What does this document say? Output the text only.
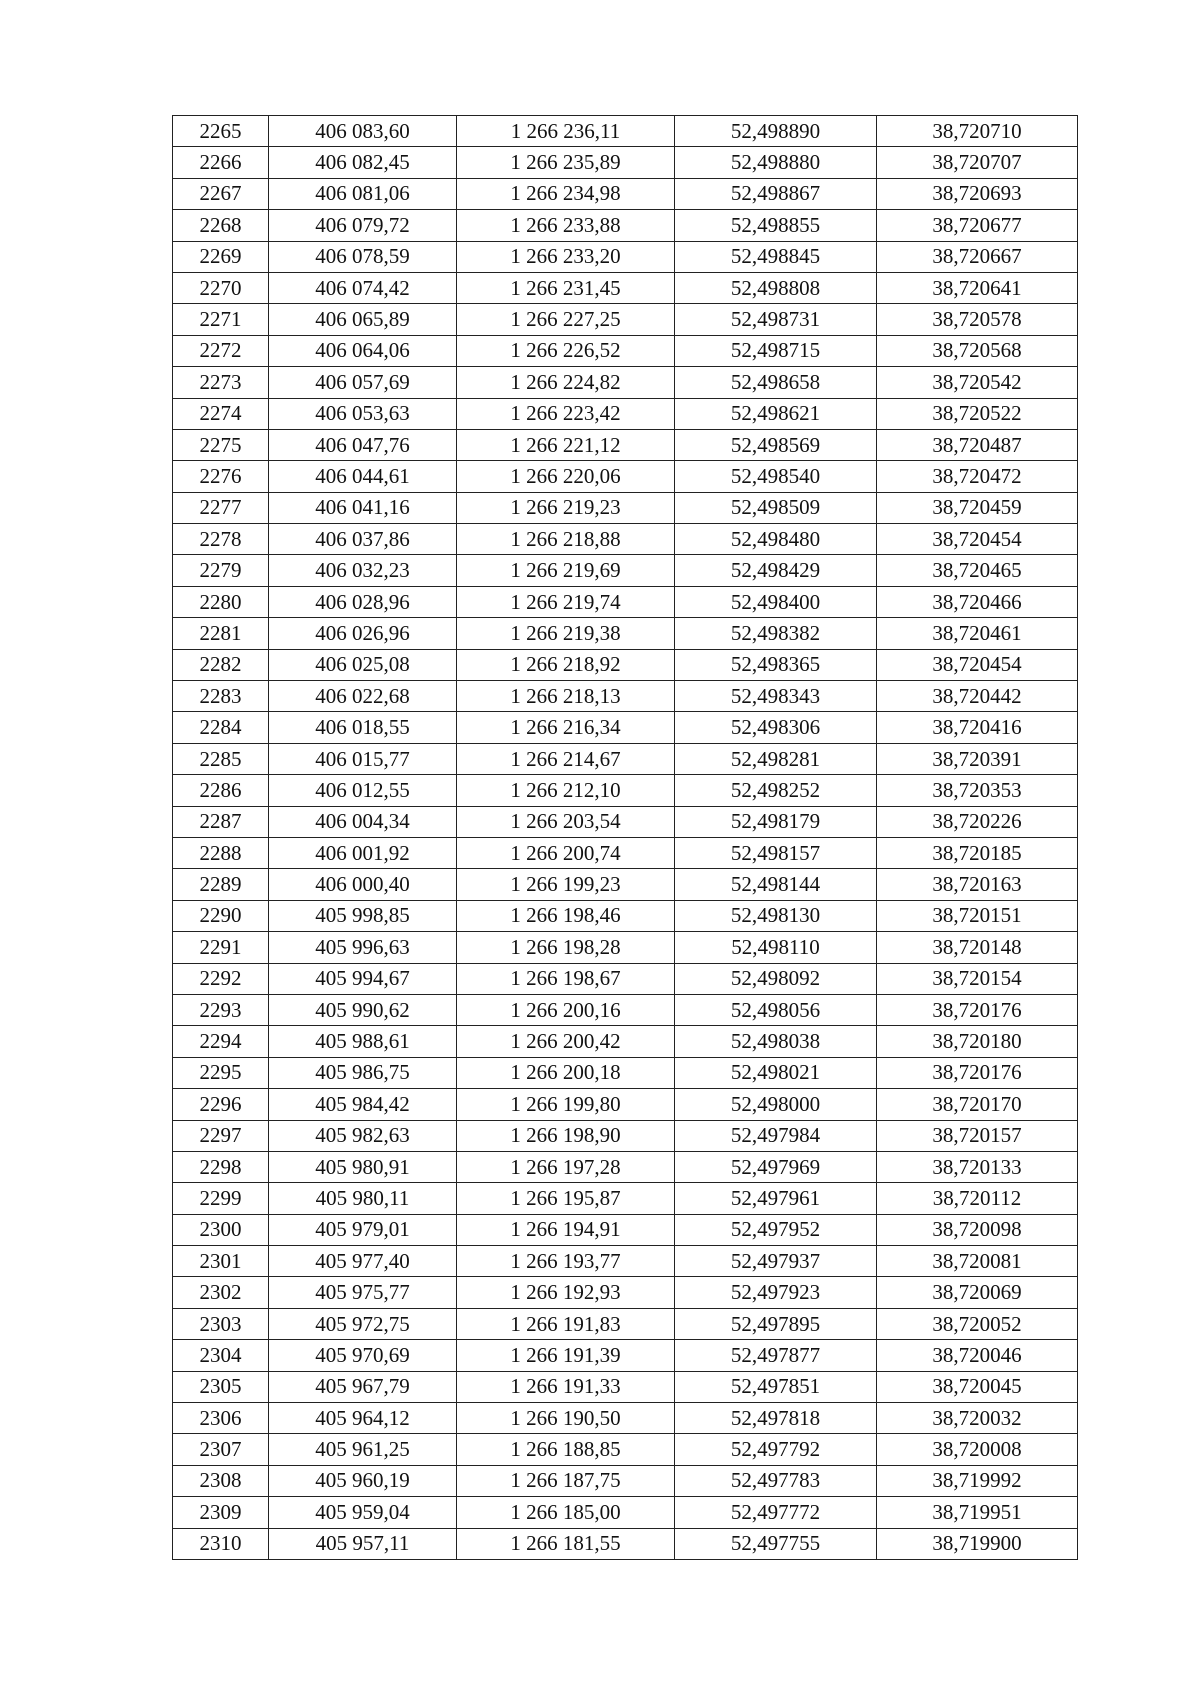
2265	406 083,60	1 266 236,11	52,498890	38,720710
2266	406 082,45	1 266 235,89	52,498880	38,720707
2267	406 081,06	1 266 234,98	52,498867	38,720693
2268	406 079,72	1 266 233,88	52,498855	38,720677
2269	406 078,59	1 266 233,20	52,498845	38,720667
2270	406 074,42	1 266 231,45	52,498808	38,720641
2271	406 065,89	1 266 227,25	52,498731	38,720578
2272	406 064,06	1 266 226,52	52,498715	38,720568
2273	406 057,69	1 266 224,82	52,498658	38,720542
2274	406 053,63	1 266 223,42	52,498621	38,720522
2275	406 047,76	1 266 221,12	52,498569	38,720487
2276	406 044,61	1 266 220,06	52,498540	38,720472
2277	406 041,16	1 266 219,23	52,498509	38,720459
2278	406 037,86	1 266 218,88	52,498480	38,720454
2279	406 032,23	1 266 219,69	52,498429	38,720465
2280	406 028,96	1 266 219,74	52,498400	38,720466
2281	406 026,96	1 266 219,38	52,498382	38,720461
2282	406 025,08	1 266 218,92	52,498365	38,720454
2283	406 022,68	1 266 218,13	52,498343	38,720442
2284	406 018,55	1 266 216,34	52,498306	38,720416
2285	406 015,77	1 266 214,67	52,498281	38,720391
2286	406 012,55	1 266 212,10	52,498252	38,720353
2287	406 004,34	1 266 203,54	52,498179	38,720226
2288	406 001,92	1 266 200,74	52,498157	38,720185
2289	406 000,40	1 266 199,23	52,498144	38,720163
2290	405 998,85	1 266 198,46	52,498130	38,720151
2291	405 996,63	1 266 198,28	52,498110	38,720148
2292	405 994,67	1 266 198,67	52,498092	38,720154
2293	405 990,62	1 266 200,16	52,498056	38,720176
2294	405 988,61	1 266 200,42	52,498038	38,720180
2295	405 986,75	1 266 200,18	52,498021	38,720176
2296	405 984,42	1 266 199,80	52,498000	38,720170
2297	405 982,63	1 266 198,90	52,497984	38,720157
2298	405 980,91	1 266 197,28	52,497969	38,720133
2299	405 980,11	1 266 195,87	52,497961	38,720112
2300	405 979,01	1 266 194,91	52,497952	38,720098
2301	405 977,40	1 266 193,77	52,497937	38,720081
2302	405 975,77	1 266 192,93	52,497923	38,720069
2303	405 972,75	1 266 191,83	52,497895	38,720052
2304	405 970,69	1 266 191,39	52,497877	38,720046
2305	405 967,79	1 266 191,33	52,497851	38,720045
2306	405 964,12	1 266 190,50	52,497818	38,720032
2307	405 961,25	1 266 188,85	52,497792	38,720008
2308	405 960,19	1 266 187,75	52,497783	38,719992
2309	405 959,04	1 266 185,00	52,497772	38,719951
2310	405 957,11	1 266 181,55	52,497755	38,719900
